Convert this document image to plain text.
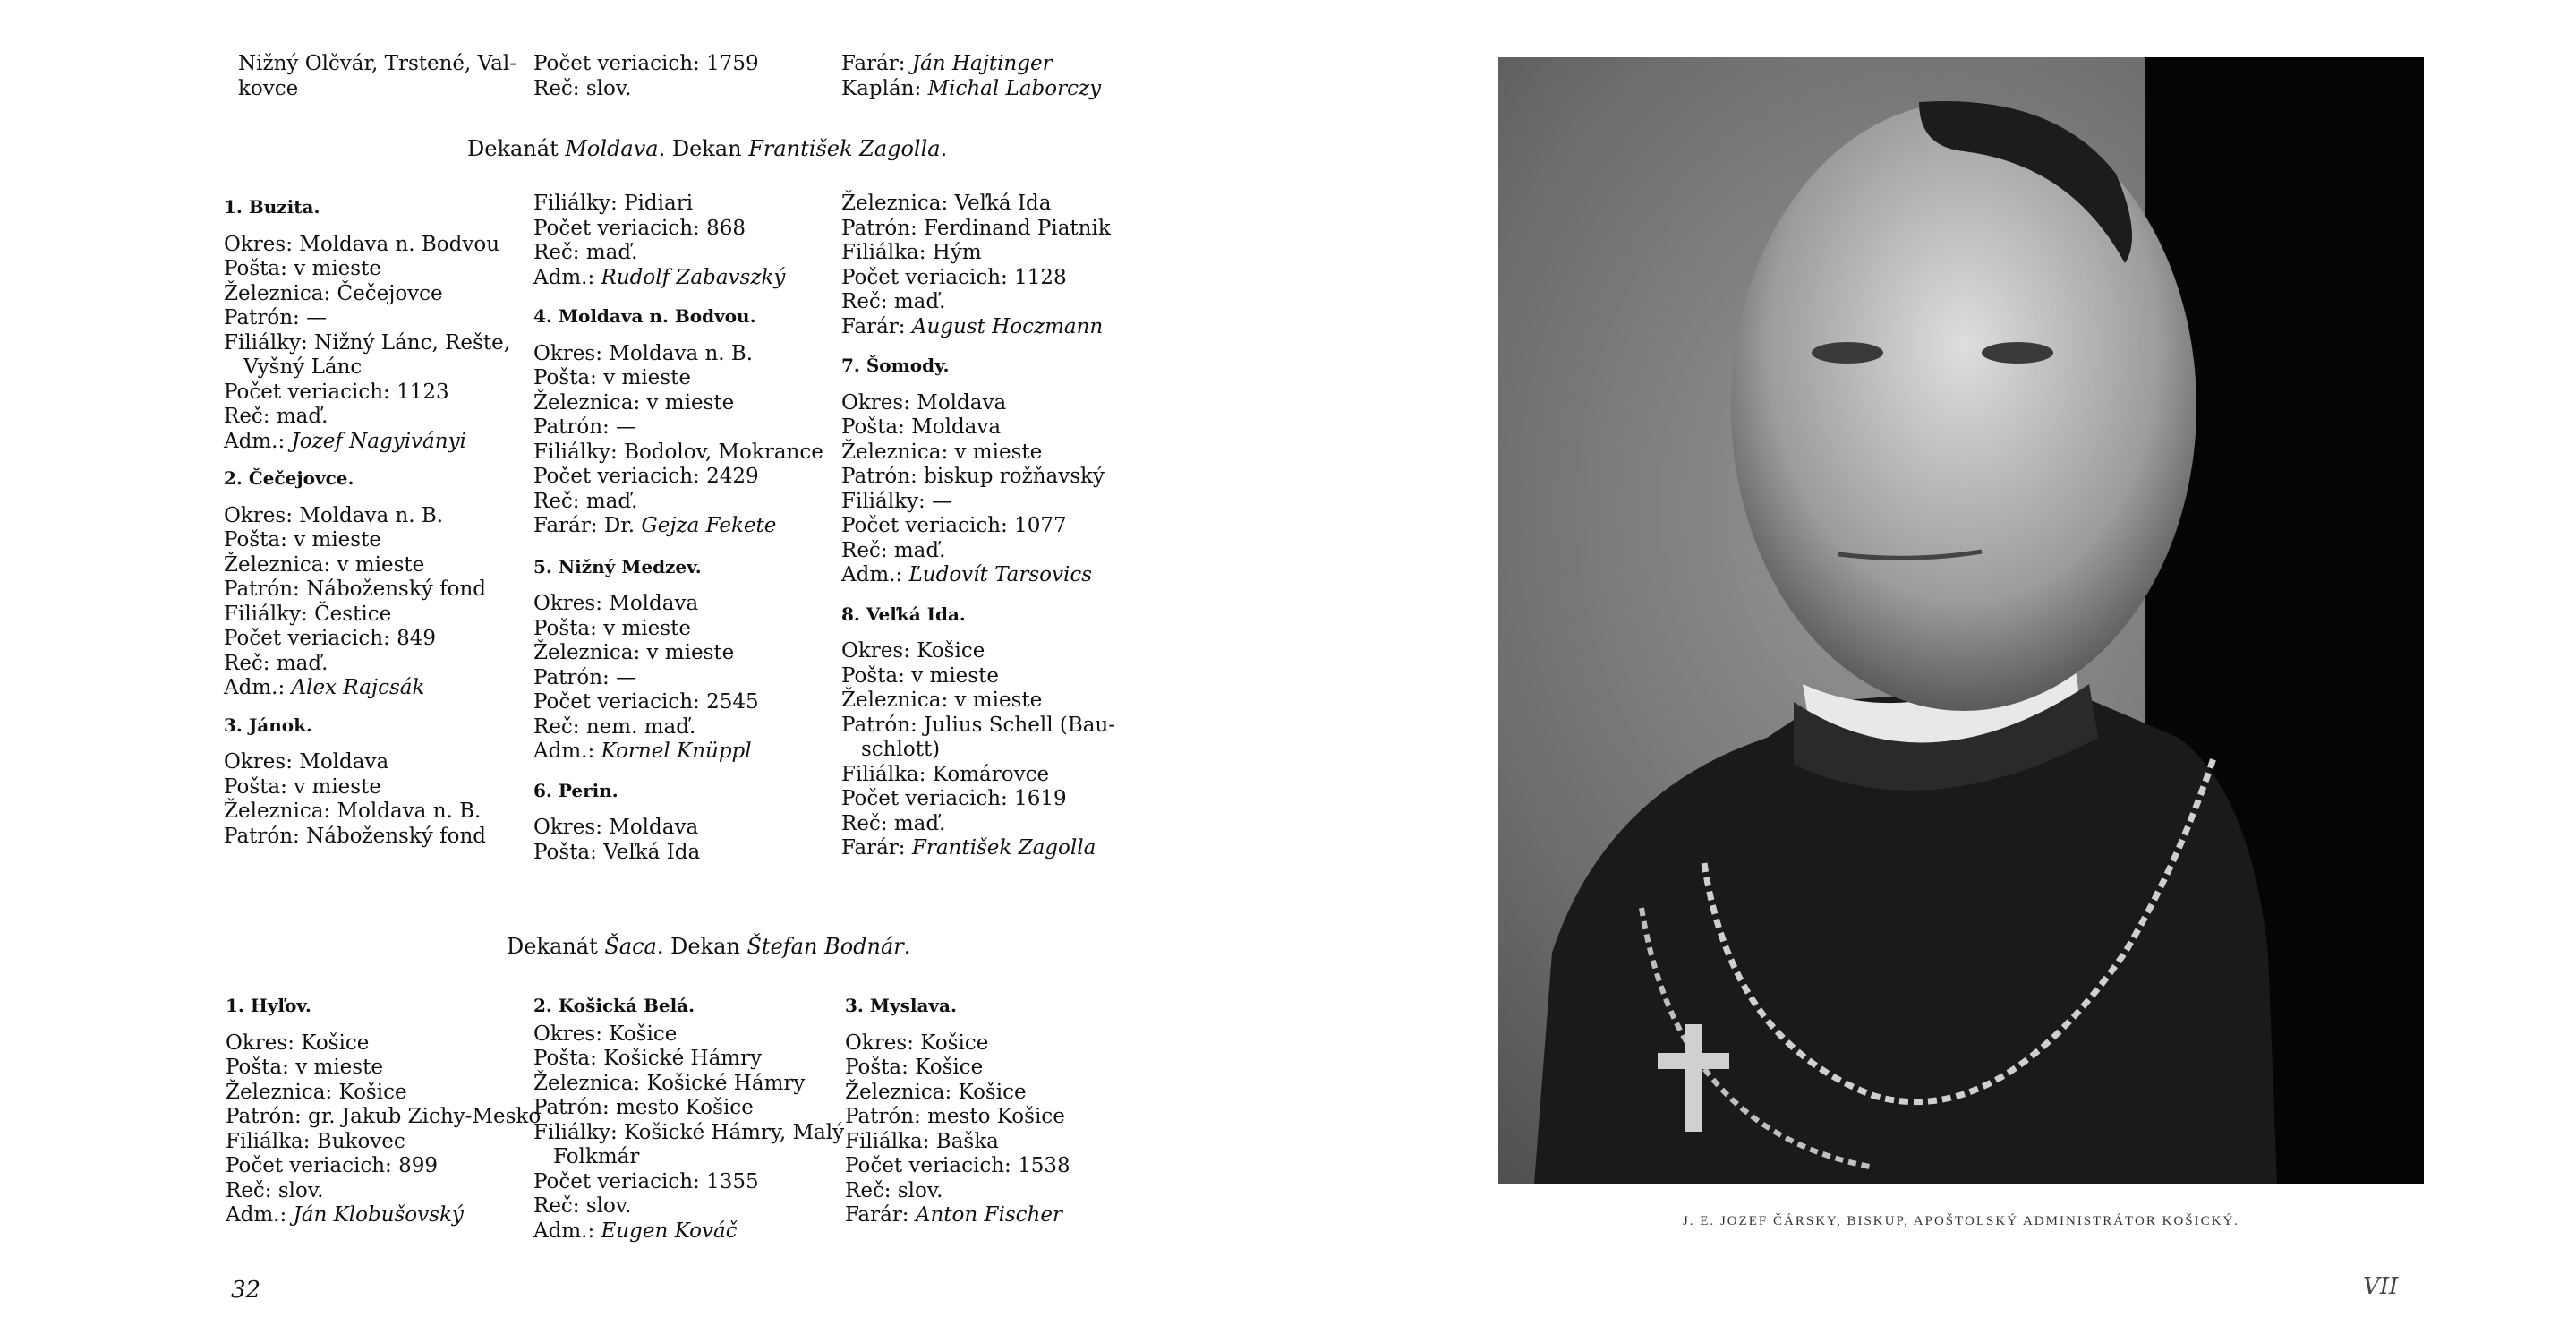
Nižný Olčvár, Trstené, Val-
kovce
Počet veriacich: 1759
Reč: slov.
Farár: Ján Hajtinger
Kaplán: Michal Laborczy
Dekanát Moldava. Dekan František Zagolla.
1. Buzita.
Okres: Moldava n. Bodvou
Pošta: v mieste
Železnica: Čečejovce
Patrón: —
Filiálky: Nižný Lánc, Rešte,
Vyšný Lánc
Počet veriacich: 1123
Reč: maď.
Adm.: Jozef Nagyiványi
2. Čečejovce.
Okres: Moldava n. B.
Pošta: v mieste
Železnica: v mieste
Patrón: Náboženský fond
Filiálky: Čestice
Počet veriacich: 849
Reč: maď.
Adm.: Alex Rajcsák
3. Jánok.
Okres: Moldava
Pošta: v mieste
Železnica: Moldava n. B.
Patrón: Náboženský fond
Filiálky: Pidiari
Počet veriacich: 868
Reč: maď.
Adm.: Rudolf Zabavszký
4. Moldava n. Bodvou.
Okres: Moldava n. B.
Pošta: v mieste
Železnica: v mieste
Patrón: —
Filiálky: Bodolov, Mokrance
Počet veriacich: 2429
Reč: maď.
Farár: Dr. Gejza Fekete
5. Nižný Medzev.
Okres: Moldava
Pošta: v mieste
Železnica: v mieste
Patrón: —
Počet veriacich: 2545
Reč: nem. maď.
Adm.: Kornel Knüppl
6. Perin.
Okres: Moldava
Pošta: Veľká Ida
Železnica: Veľká Ida
Patrón: Ferdinand Piatnik
Filiálka: Hým
Počet veriacich: 1128
Reč: maď.
Farár: August Hoczmann
7. Šomody.
Okres: Moldava
Pošta: Moldava
Železnica: v mieste
Patrón: biskup rožňavský
Filiálky: —
Počet veriacich: 1077
Reč: maď.
Adm.: Ľudovít Tarsovics
8. Veľká Ida.
Okres: Košice
Pošta: v mieste
Železnica: v mieste
Patrón: Julius Schell (Bau-
schlott)
Filiálka: Komárovce
Počet veriacich: 1619
Reč: maď.
Farár: František Zagolla
Dekanát Šaca. Dekan Štefan Bodnár.
1. Hyľov.
Okres: Košice
Pošta: v mieste
Železnica: Košice
Patrón: gr. Jakub Zichy-Mesko
Filiálka: Bukovec
Počet veriacich: 899
Reč: slov.
Adm.: Ján Klobušovský
2. Košická Belá.
Okres: Košice
Pošta: Košické Hámry
Železnica: Košické Hámry
Patrón: mesto Košice
Filiálky: Košické Hámry, Malý
Folkmár
Počet veriacich: 1355
Reč: slov.
Adm.: Eugen Kováč
3. Myslava.
Okres: Košice
Pošta: Košice
Železnica: Košice
Patrón: mesto Košice
Filiálka: Baška
Počet veriacich: 1538
Reč: slov.
Farár: Anton Fischer
32
J. E. JOZEF ČÁRSKY, BISKUP, APOŠTOLSKÝ ADMINISTRÁTOR KOŠICKÝ.
VII
